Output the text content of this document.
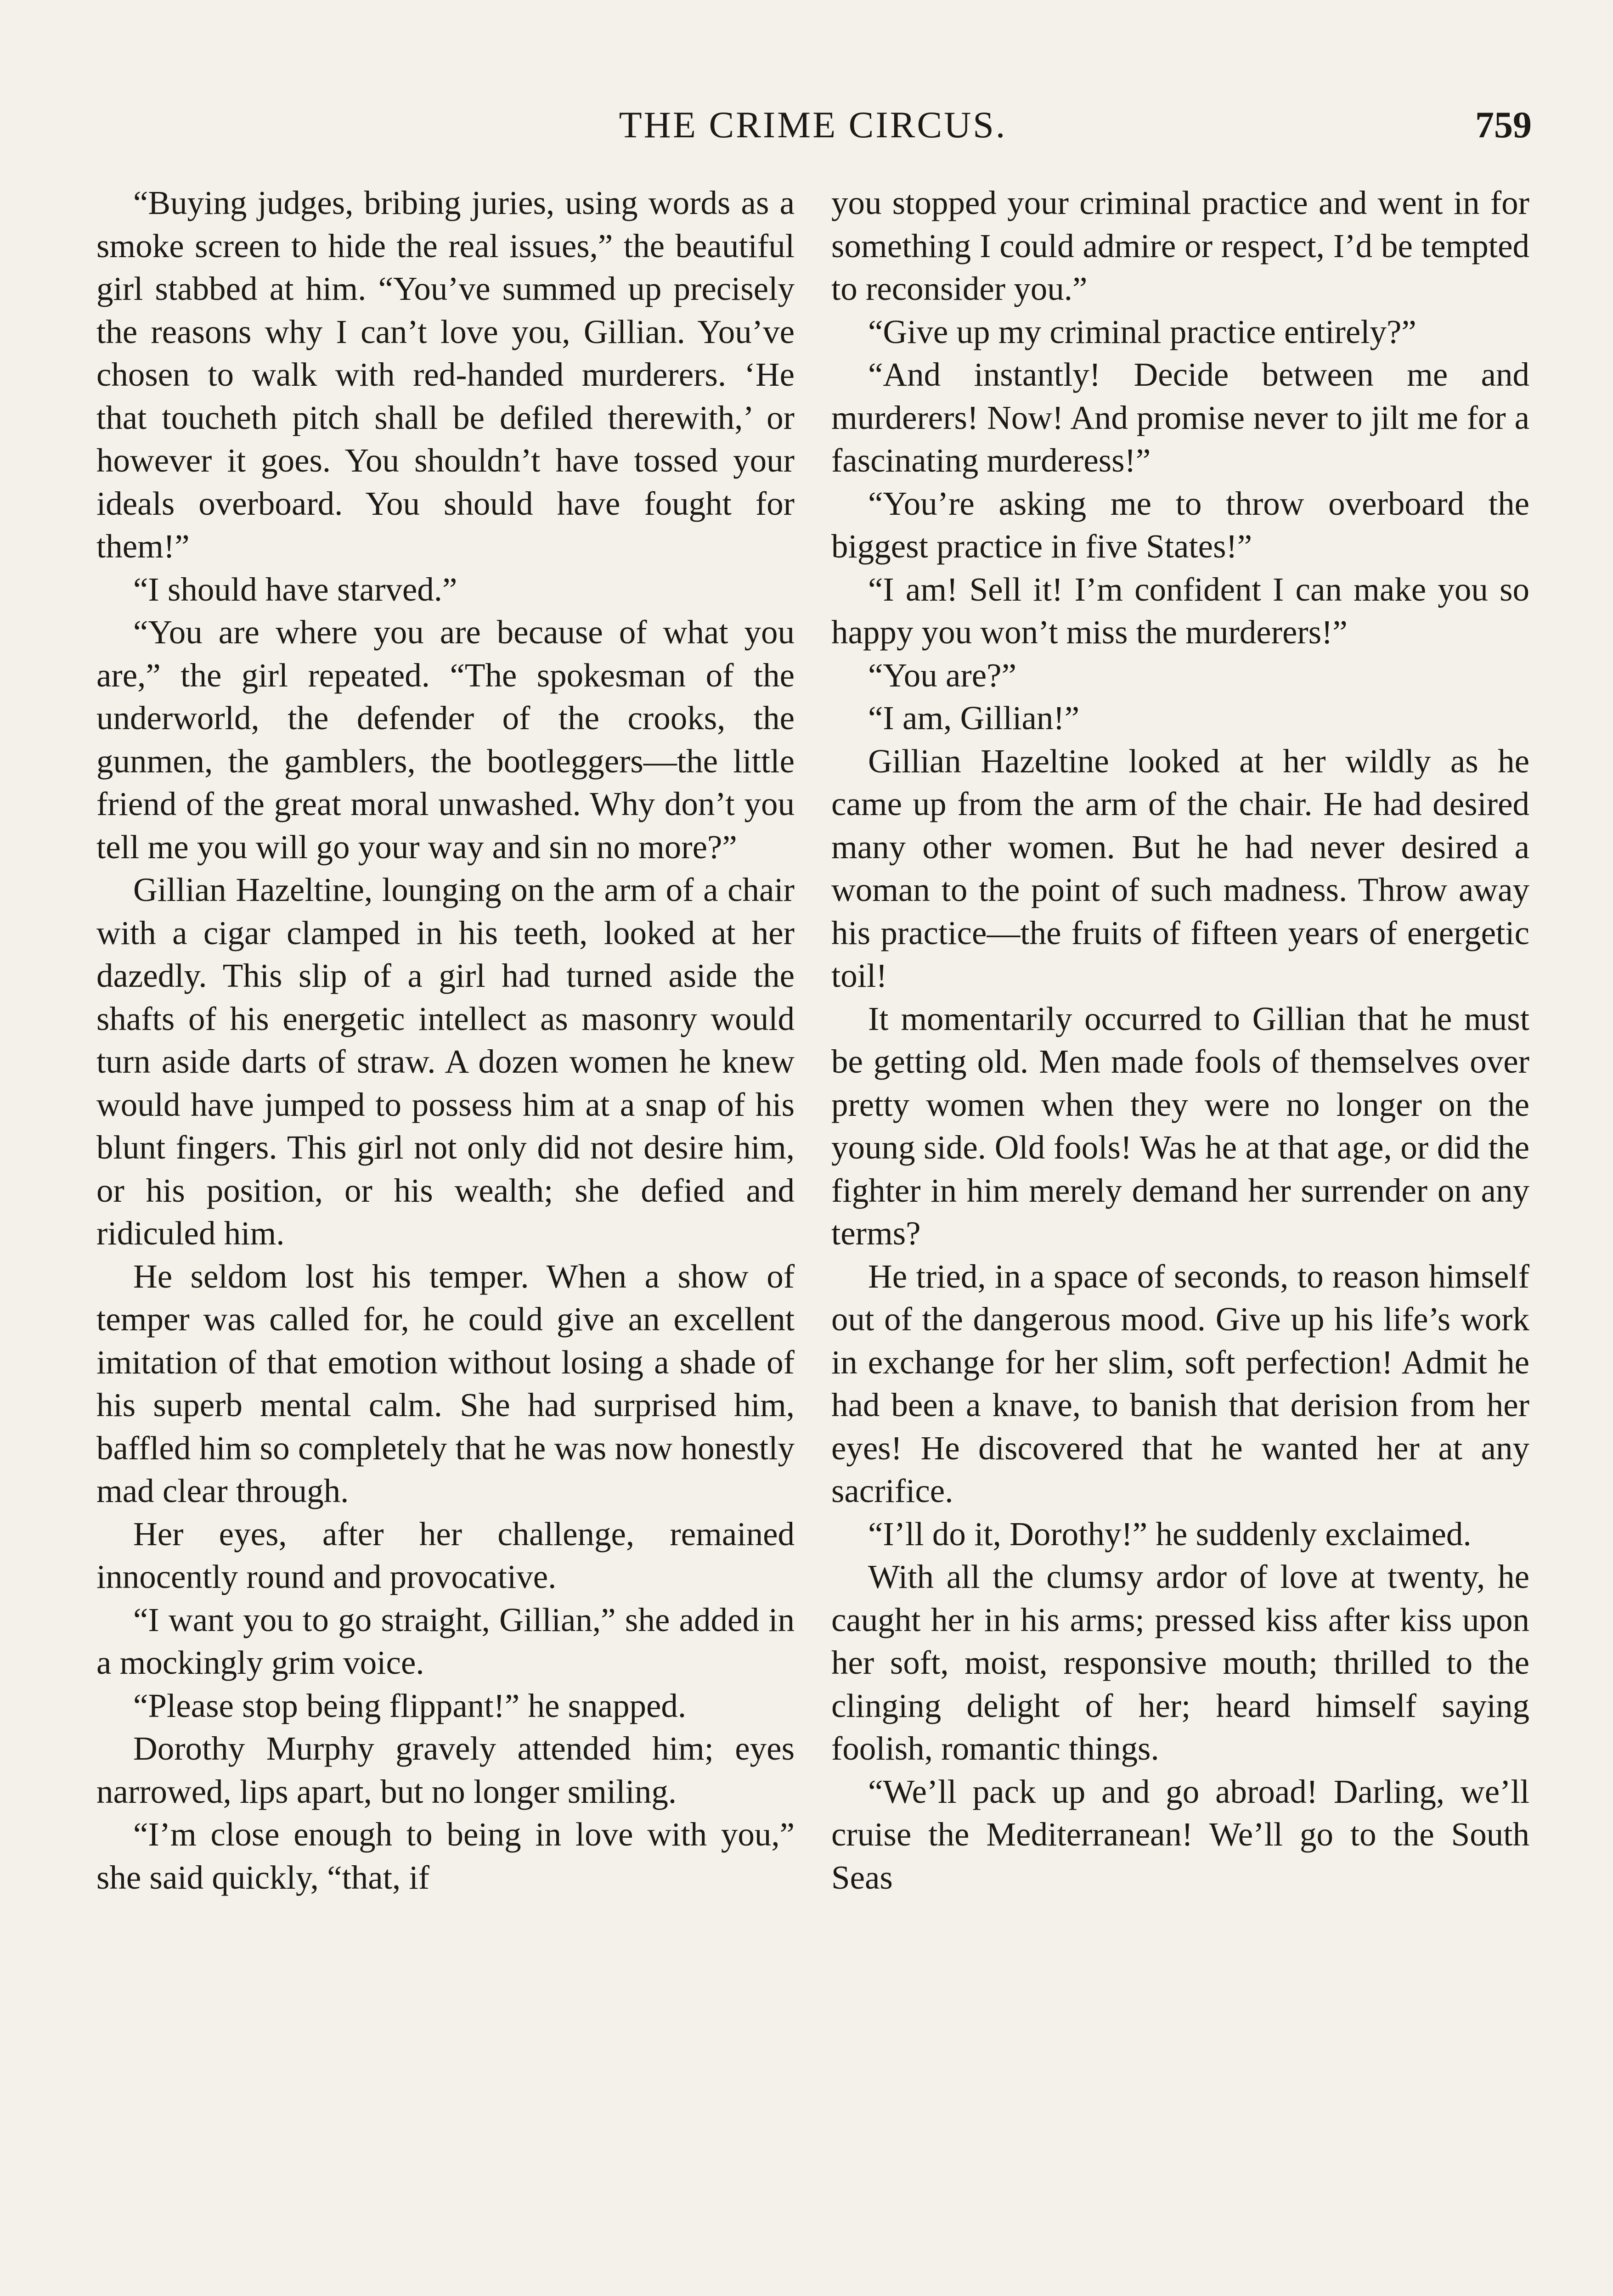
THE CRIME CIRCUS.	759

“Buying judges, bribing juries, using words as a smoke screen to hide the real issues,” the beautiful girl stabbed at him. “You’ve summed up precisely the reasons why I can’t love you, Gillian. You’ve chosen to walk with red-handed murderers. ‘He that toucheth pitch shall be defiled therewith,’ or however it goes. You shouldn’t have tossed your ideals overboard. You should have fought for them!”

“I should have starved.”

“You are where you are because of what you are,” the girl repeated. “The spokesman of the underworld, the defender of the crooks, the gunmen, the gamblers, the bootleggers—the little friend of the great moral unwashed. Why don’t you tell me you will go your way and sin no more?”

Gillian Hazeltine, lounging on the arm of a chair with a cigar clamped in his teeth, looked at her dazedly. This slip of a girl had turned aside the shafts of his energetic intellect as masonry would turn aside darts of straw. A dozen women he knew would have jumped to possess him at a snap of his blunt fingers. This girl not only did not desire him, or his position, or his wealth; she defied and ridiculed him.

He seldom lost his temper. When a show of temper was called for, he could give an excellent imitation of that emotion without losing a shade of his superb mental calm. She had surprised him, baffled him so completely that he was now honestly mad clear through.

Her eyes, after her challenge, remained innocently round and provocative.

“I want you to go straight, Gillian,” she added in a mockingly grim voice.

“Please stop being flippant!” he snapped.

Dorothy Murphy gravely attended him; eyes narrowed, lips apart, but no longer smiling.

“I’m close enough to being in love with you,” she said quickly, “that, if

you stopped your criminal practice and went in for something I could admire or respect, I’d be tempted to reconsider you.”

“Give up my criminal practice entirely?”

“And instantly! Decide between me and murderers! Now! And promise never to jilt me for a fascinating murderess!”

“You’re asking me to throw overboard the biggest practice in five States!”

“I am! Sell it! I’m confident I can make you so happy you won’t miss the murderers!”

“You are?”

“I am, Gillian!”

Gillian Hazeltine looked at her wildly as he came up from the arm of the chair. He had desired many other women. But he had never desired a woman to the point of such madness. Throw away his practice—the fruits of fifteen years of energetic toil!

It momentarily occurred to Gillian that he must be getting old. Men made fools of themselves over pretty women when they were no longer on the young side. Old fools! Was he at that age, or did the fighter in him merely demand her surrender on any terms?

He tried, in a space of seconds, to reason himself out of the dangerous mood. Give up his life’s work in exchange for her slim, soft perfection! Admit he had been a knave, to banish that derision from her eyes! He discovered that he wanted her at any sacrifice.

“I’ll do it, Dorothy!” he suddenly exclaimed.

With all the clumsy ardor of love at twenty, he caught her in his arms; pressed kiss after kiss upon her soft, moist, responsive mouth; thrilled to the clinging delight of her; heard himself saying foolish, romantic things.

“We’ll pack up and go abroad! Darling, we’ll cruise the Mediterranean! We’ll go to the South Seas
